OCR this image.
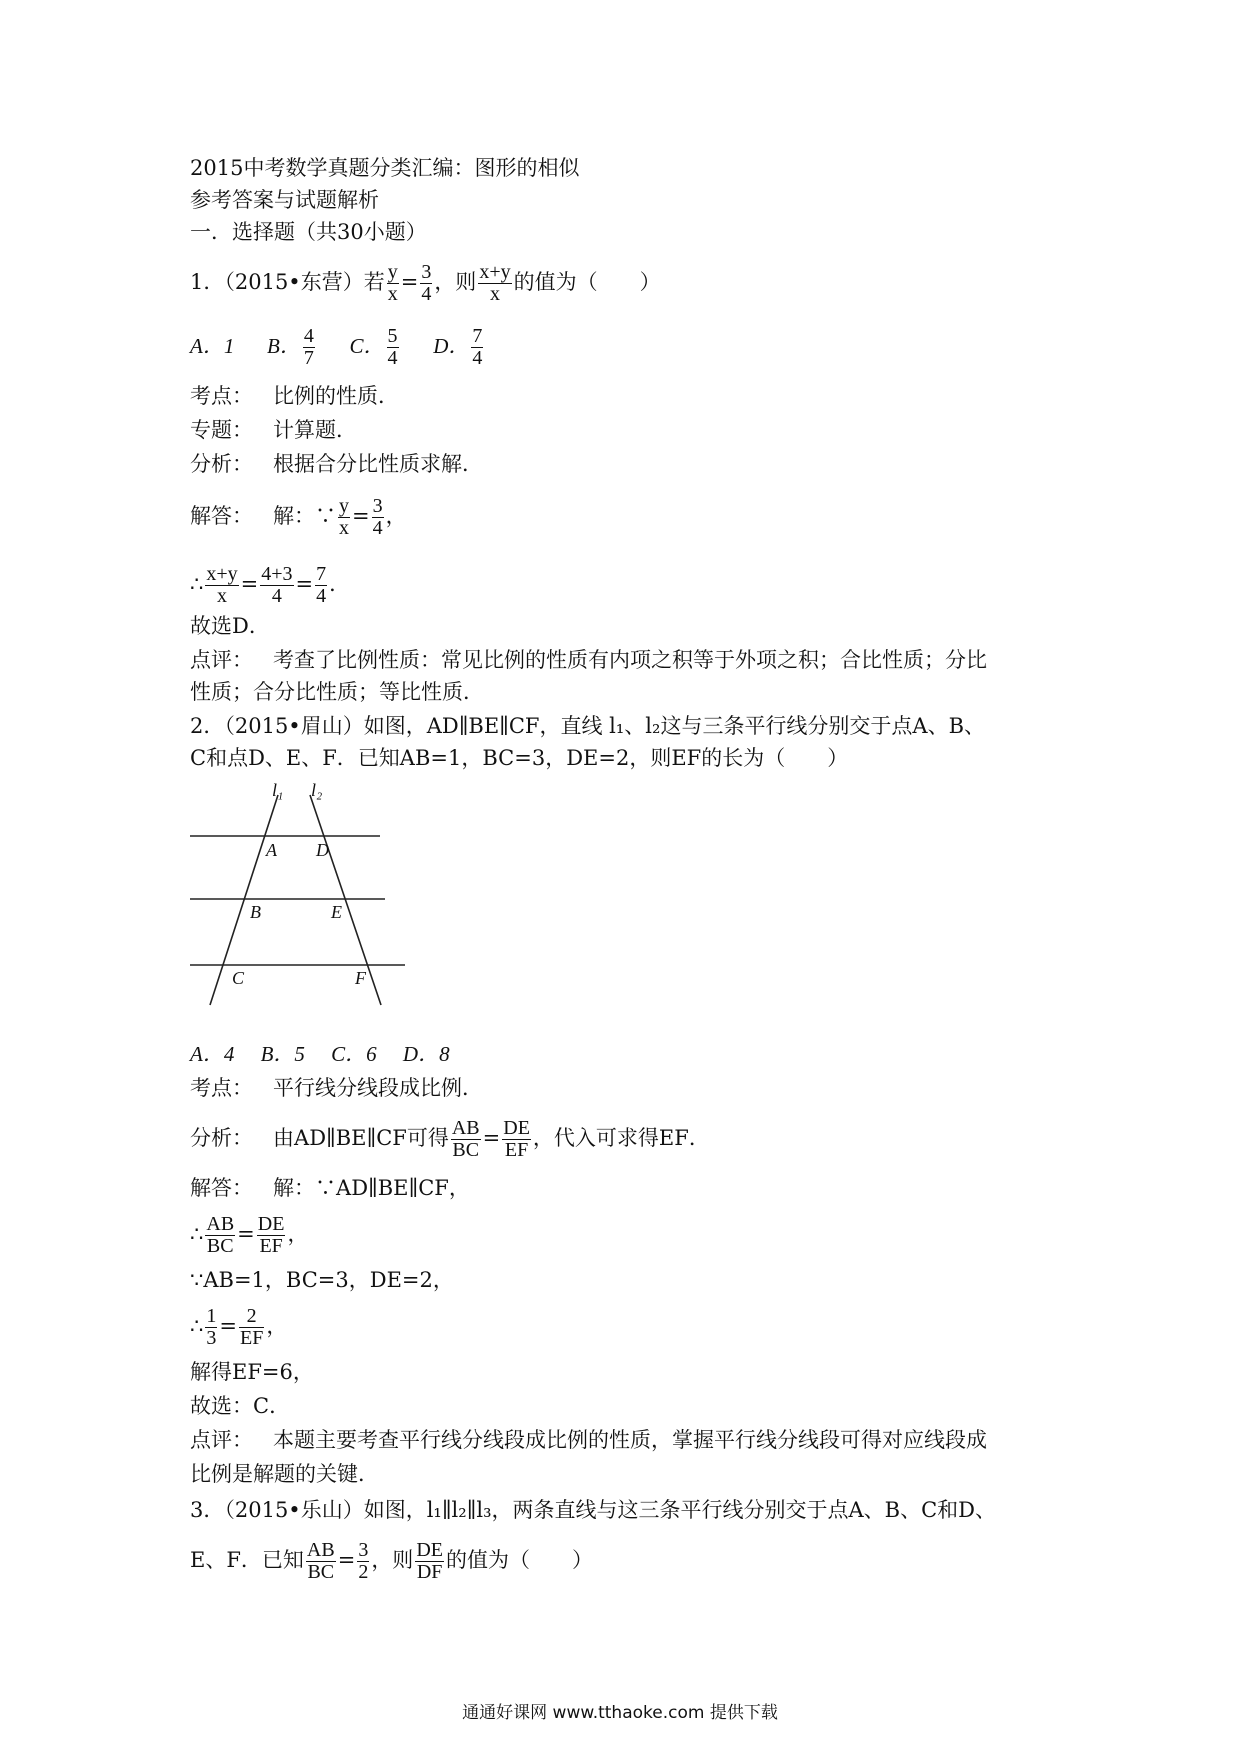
2015中考数学真题分类汇编：图形的相似
参考答案与试题解析
一．选择题（共30小题）
1．（2015•东营）若 $\frac{y}{x} = \frac{3}{4}$ ，则 $\frac{x+y}{x}$ 的值为（　　）
A．1 B． $\frac{4}{7}$ C． $\frac{5}{4}$ D． $\frac{7}{4}$
考点： 比例的性质．
专题： 计算题．
分析： 根据合分比性质求解．
解答： 解：∵ $\frac{y}{x} = \frac{3}{4}$ ，
∴ $\frac{x+y}{x} = \frac{4+3}{4} = \frac{7}{4}$ ．
故选D．
点评： 考查了比例性质：常见比例的性质有内项之积等于外项之积；合比性质；分比
性质；合分比性质；等比性质．
2．（2015•眉山）如图，AD∥BE∥CF，直线 l₁、l₂这与三条平行线分别交于点A、B、
C和点D、E、F．已知AB=1，BC=3，DE=2，则EF的长为（　　）
l₁ l₂
A D
B	E
C	F
A．4　 B．5　 C．6　 D．8
考点： 平行线分线段成比例．
分析： 由AD∥BE∥CF可得 $\frac{AB}{BC} = \frac{DE}{EF}$ ，代入可求得EF．
解答： 解：∵AD∥BE∥CF，
∴ $\frac{AB}{BC} = \frac{DE}{EF}$ ，
∵AB=1，BC=3，DE=2，
∴ $\frac{1}{3} = \frac{2}{EF}$ ，
解得EF=6，
故选：C．
点评： 本题主要考查平行线分线段成比例的性质，掌握平行线分线段可得对应线段成
比例是解题的关键．
3．（2015•乐山）如图，l₁∥l₂∥l₃，两条直线与这三条平行线分别交于点A、B、C和D、
E、F．已知 $\frac{AB}{BC} = \frac{3}{2}$ ，则 $\frac{DE}{DF}$ 的值为（　　）
通通好课网 www.tthaoke.com 提供下载
